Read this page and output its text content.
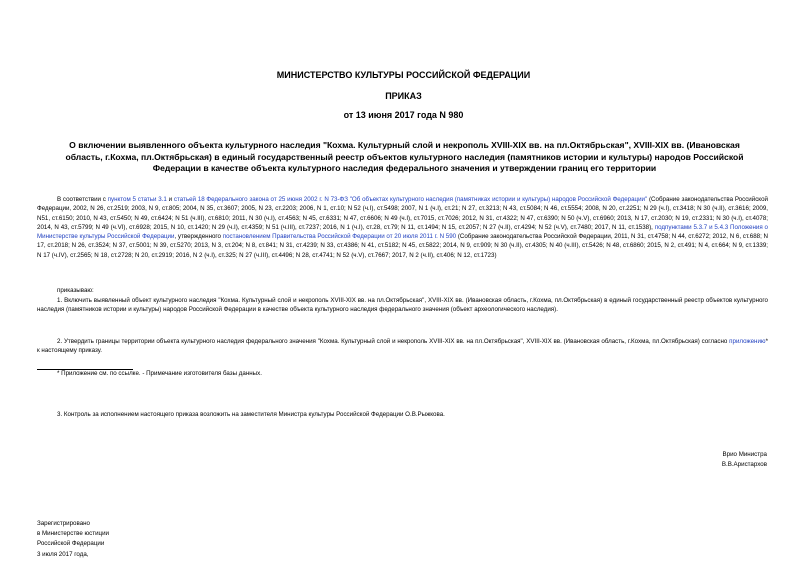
МИНИСТЕРСТВО КУЛЬТУРЫ РОССИЙСКОЙ ФЕДЕРАЦИИ
ПРИКАЗ
от 13 июня 2017 года N 980
О включении выявленного объекта культурного наследия "Кохма. Культурный слой и некрополь XVIII-XIX вв. на пл.Октябрьская", XVIII-XIX вв. (Ивановская область, г.Кохма, пл.Октябрьская) в единый государственный реестр объектов культурного наследия (памятников истории и культуры) народов Российской Федерации в качестве объекта культурного наследия федерального значения и утверждении границ его территории
В соответствии с пунктом 5 статьи 3.1 и статьей 18 Федерального закона от 25 июня 2002 г. N 73-ФЗ "Об объектах культурного наследия (памятниках истории и культуры) народов Российской Федерации" (Собрание законодательства Российской Федерации, 2002, N 26, ст.2519; 2003, N 9, ст.805; 2004, N 35, ст.3607; 2005, N 23, ст.2203; 2006, N 1, ст.10; N 52 (ч.I), ст.5498; 2007, N 1 (ч.I), ст.21; N 27, ст.3213; N 43, ст.5084; N 46, ст.5554; 2008, N 20, ст.2251; N 29 (ч.I), ст.3418; N 30 (ч.II), ст.3616; 2009, N51, ст.6150; 2010, N 43, ст.5450; N 49, ст.6424; N 51 (ч.III), ст.6810; 2011, N 30 (ч.I), ст.4563; N 45, ст.6331; N 47, ст.6606; N 49 (ч.I), ст.7015, ст.7026; 2012, N 31, ст.4322; N 47, ст.6390; N 50 (ч.V), ст.6960; 2013, N 17, ст.2030; N 19, ст.2331; N 30 (ч.I), ст.4078; 2014, N 43, ст.5799; N 49 (ч.VI), ст.6928; 2015, N 10, ст.1420; N 29 (ч.I), ст.4359; N 51 (ч.III), ст.7237; 2016, N 1 (ч.I), ст.28, ст.79; N 11, ст.1494; N 15, ст.2057; N 27 (ч.II), ст.4294; N 52 (ч.V), ст.7480; 2017, N 11, ст.1538), подпунктами 5.3.7 и 5.4.3 Положения о Министерстве культуры Российской Федерации, утвержденного постановлением Правительства Российской Федерации от 20 июля 2011 г. N 590 (Собрание законодательства Российской Федерации, 2011, N 31, ст.4758; N 44, ст.6272; 2012, N 6, ст.688; N 17, ст.2018; N 26, ст.3524; N 37, ст.5001; N 39, ст.5270; 2013, N 3, ст.204; N 8, ст.841; N 31, ст.4239; N 33, ст.4386; N 41, ст.5182; N 45, ст.5822; 2014, N 9, ст.909; N 30 (ч.II), ст.4305; N 40 (ч.III), ст.5426; N 48, ст.6860; 2015, N 2, ст.491; N 4, ст.664; N 9, ст.1339; N 17 (ч.IV), ст.2565; N 18, ст.2728; N 20, ст.2919; 2016, N 2 (ч.I), ст.325; N 27 (ч.III), ст.4496; N 28, ст.4741; N 52 (ч.V), ст.7667; 2017, N 2 (ч.II), ст.406; N 12, ст.1723)
приказываю:
1. Включить выявленный объект культурного наследия "Кохма. Культурный слой и некрополь XVIII-XIX вв. на пл.Октябрьская", XVIII-XIX вв. (Ивановская область, г.Кохма, пл.Октябрьская) в единый государственный реестр объектов культурного наследия (памятников истории и культуры) народов Российской Федерации в качестве объекта культурного наследия федерального значения (объект археологического наследия).
2. Утвердить границы территории объекта культурного наследия федерального значения "Кохма. Культурный слой и некрополь XVIII-XIX вв. на пл.Октябрьская", XVIII-XIX вв. (Ивановская область, г.Кохма, пл.Октябрьская) согласно приложению* к настоящему приказу.
* Приложение см. по ссылке. - Примечание изготовителя базы данных.
3. Контроль за исполнением настоящего приказа возложить на заместителя Министра культуры Российской Федерации О.В.Рыжкова.
Врио Министра
В.В.Аристархов
Зарегистрировано
в Министерстве юстиции
Российской Федерации
3 июля 2017 года,
